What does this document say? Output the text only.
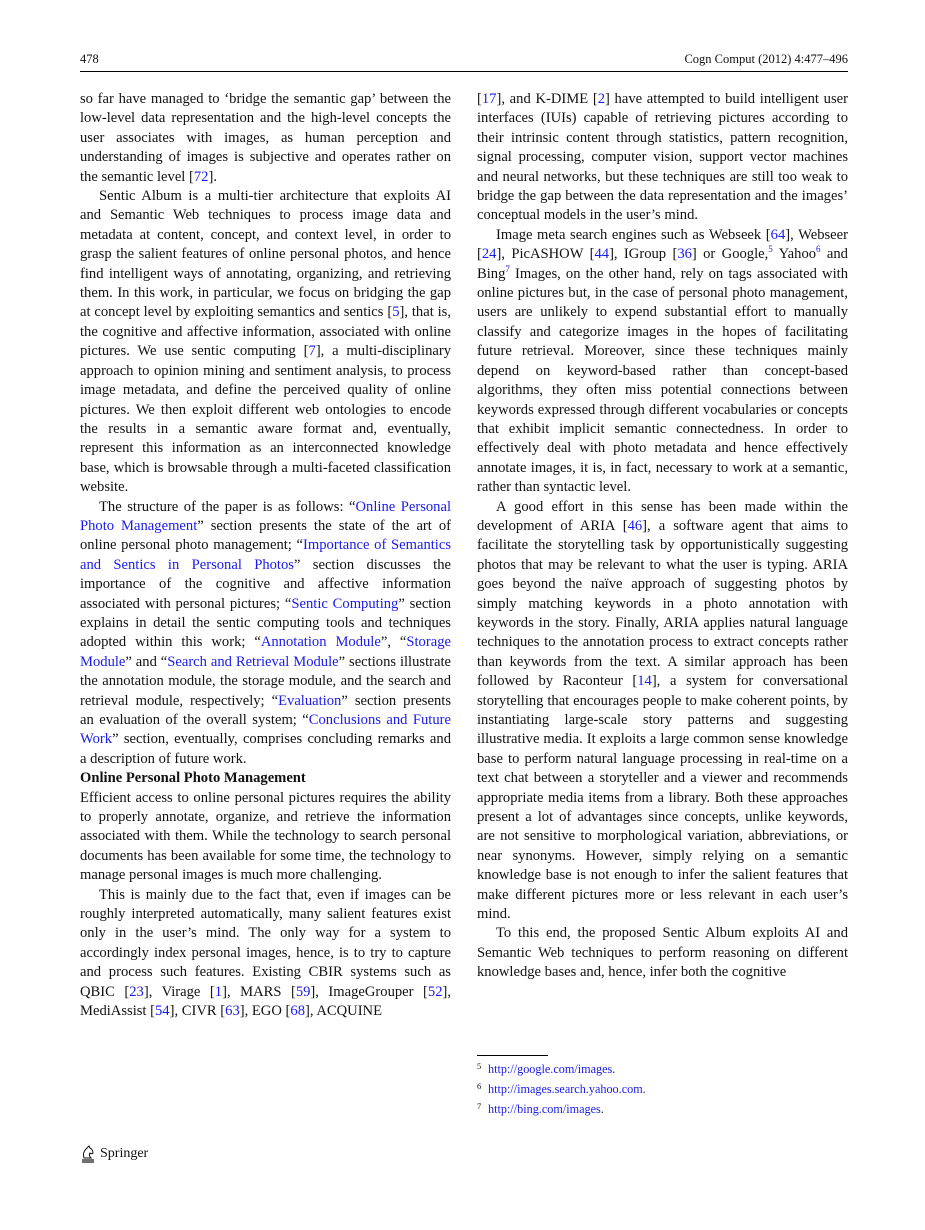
478	Cogn Comput (2012) 4:477–496

so far have managed to ‘bridge the semantic gap’ between the low-level data representation and the high-level concepts the user associates with images, as human perception and understanding of images is subjective and operates rather on the semantic level [72].

Sentic Album is a multi-tier architecture that exploits AI and Semantic Web techniques to process image data and metadata at content, concept, and context level, in order to grasp the salient features of online personal photos, and hence find intelligent ways of annotating, organizing, and retrieving them. In this work, in particular, we focus on bridging the gap at concept level by exploiting semantics and sentics [5], that is, the cognitive and affective information, associated with online pictures. We use sentic computing [7], a multi-disciplinary approach to opinion mining and sentiment analysis, to process image metadata, and define the perceived quality of online pictures. We then exploit different web ontologies to encode the results in a semantic aware format and, eventually, represent this information as an interconnected knowledge base, which is browsable through a multi-faceted classification website.

The structure of the paper is as follows: “Online Personal Photo Management” section presents the state of the art of online personal photo management; “Importance of Semantics and Sentics in Personal Photos” section discusses the importance of the cognitive and affective information associated with personal pictures; “Sentic Computing” section explains in detail the sentic computing tools and techniques adopted within this work; “Annotation Module”, “Storage Module” and “Search and Retrieval Module” sections illustrate the annotation module, the storage module, and the search and retrieval module, respectively; “Evaluation” section presents an evaluation of the overall system; “Conclusions and Future Work” section, eventually, comprises concluding remarks and a description of future work.

Online Personal Photo Management

Efficient access to online personal pictures requires the ability to properly annotate, organize, and retrieve the information associated with them. While the technology to search personal documents has been available for some time, the technology to manage personal images is much more challenging.

This is mainly due to the fact that, even if images can be roughly interpreted automatically, many salient features exist only in the user’s mind. The only way for a system to accordingly index personal images, hence, is to try to capture and process such features. Existing CBIR systems such as QBIC [23], Virage [1], MARS [59], ImageGrouper [52], MediAssist [54], CIVR [63], EGO [68], ACQUINE

[17], and K-DIME [2] have attempted to build intelligent user interfaces (IUIs) capable of retrieving pictures according to their intrinsic content through statistics, pattern recognition, signal processing, computer vision, support vector machines and neural networks, but these techniques are still too weak to bridge the gap between the data representation and the images’ conceptual models in the user’s mind.

Image meta search engines such as Webseek [64], Webseer [24], PicASHOW [44], IGroup [36] or Google,$^5$ Yahoo$^6$ and Bing$^7$ Images, on the other hand, rely on tags associated with online pictures but, in the case of personal photo management, users are unlikely to expend substantial effort to manually classify and categorize images in the hopes of facilitating future retrieval. Moreover, since these techniques mainly depend on keyword-based rather than concept-based algorithms, they often miss potential connections between keywords expressed through different vocabularies or concepts that exhibit implicit semantic connectedness. In order to effectively deal with photo metadata and hence effectively annotate images, it is, in fact, necessary to work at a semantic, rather than syntactic level.

A good effort in this sense has been made within the development of ARIA [46], a software agent that aims to facilitate the storytelling task by opportunistically suggesting photos that may be relevant to what the user is typing. ARIA goes beyond the naïve approach of suggesting photos by simply matching keywords in a photo annotation with keywords in the story. Finally, ARIA applies natural language techniques to the annotation process to extract concepts rather than keywords from the text. A similar approach has been followed by Raconteur [14], a system for conversational storytelling that encourages people to make coherent points, by instantiating large-scale story patterns and suggesting illustrative media. It exploits a large common sense knowledge base to perform natural language processing in real-time on a text chat between a storyteller and a viewer and recommends appropriate media items from a library. Both these approaches present a lot of advantages since concepts, unlike keywords, are not sensitive to morphological variation, abbreviations, or near synonyms. However, simply relying on a semantic knowledge base is not enough to infer the salient features that make different pictures more or less relevant in each user’s mind.

To this end, the proposed Sentic Album exploits AI and Semantic Web techniques to perform reasoning on different knowledge bases and, hence, infer both the cognitive

5 http://google.com/images .
6 http://images.search.yahoo.com .
7 http://bing.com/images .
Springer
